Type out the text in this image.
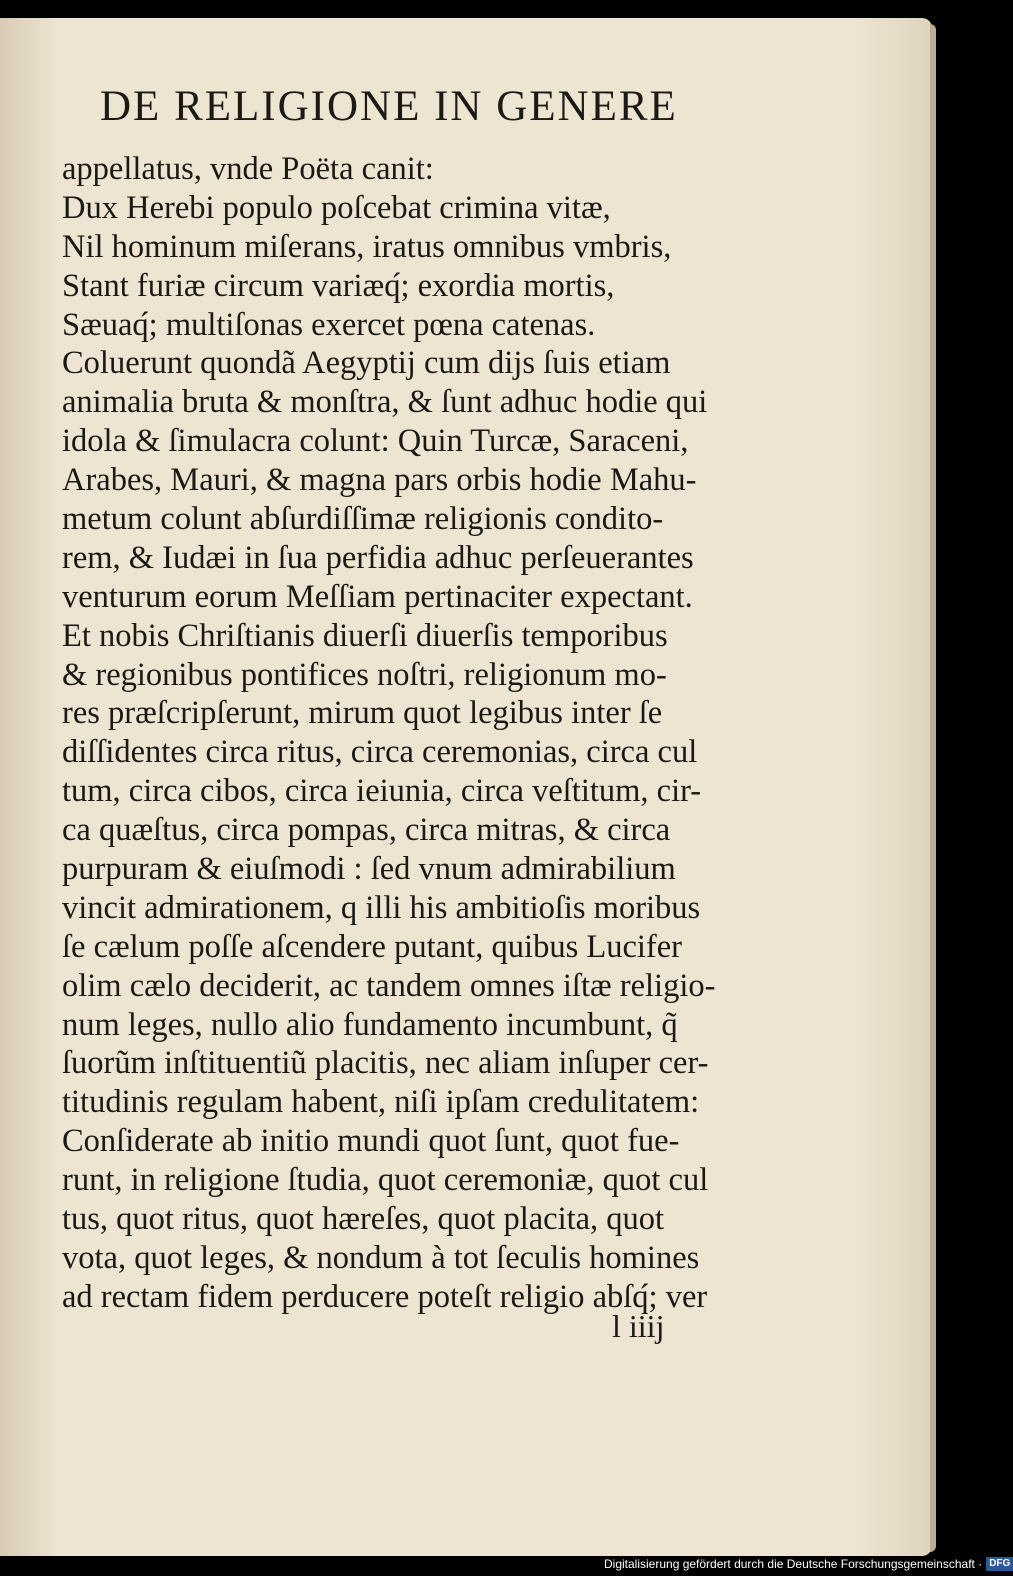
DE RELIGIONE IN GENERE
appellatus, vnde Poëta canit:
Dux Herebi populo poſcebat crimina vitæ,
Nil hominum miſerans, iratus omnibus vmbris,
Stant furiæ circum variæq́; exordia mortis,
Sæuaq́; multiſonas exercet pœna catenas.
Coluerunt quondã Aegyptij cum dijs ſuis etiam
animalia bruta & monſtra, & ſunt adhuc hodie qui
idola & ſimulacra colunt: Quin Turcæ, Saraceni,
Arabes, Mauri, & magna pars orbis hodie Mahu-
metum colunt abſurdiſſimæ religionis condito-
rem, & Iudæi in ſua perfidia adhuc perſeuerantes
venturum eorum Meſſiam pertinaciter expectant.
Et nobis Chriſtianis diuerſi diuerſis temporibus
& regionibus pontifices noſtri, religionum mo-
res præſcripſerunt, mirum quot legibus inter ſe
diſſidentes circa ritus, circa ceremonias, circa cul
tum, circa cibos, circa ieiunia, circa veſtitum, cir-
ca quæſtus, circa pompas, circa mitras, & circa
purpuram & eiuſmodi : ſed vnum admirabilium
vincit admirationem, q illi his ambitioſis moribus
ſe cælum poſſe aſcendere putant, quibus Lucifer
olim cælo deciderit, ac tandem omnes iſtæ religio-
num leges, nullo alio fundamento incumbunt, q̃
ſuorũm inſtituentiũ placitis, nec aliam inſuper cer-
titudinis regulam habent, niſi ipſam credulitatem:
Conſiderate ab initio mundi quot ſunt, quot fue-
runt, in religione ſtudia, quot ceremoniæ, quot cul
tus, quot ritus, quot hæreſes, quot placita, quot
vota, quot leges, & nondum à tot ſeculis homines
ad rectam fidem perducere poteſt religio abſq́; ver
l iiij
Digitalisierung gefördert durch die Deutsche Forschungsgemeinschaft · DFG
